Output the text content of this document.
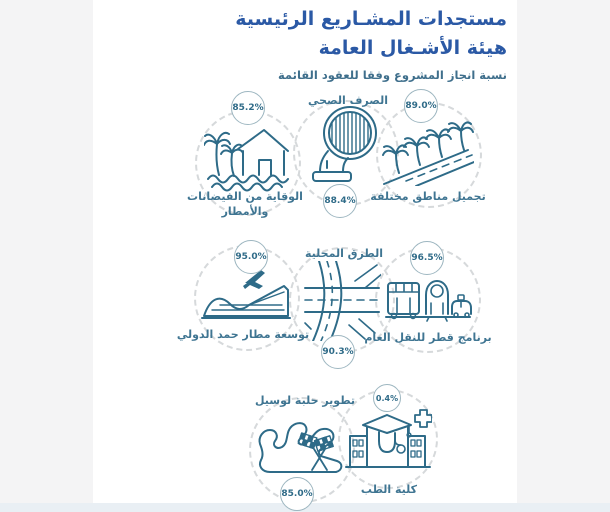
مستجدات المشـاريع الرئيسية
هيئة الأشـغال العامة
نسبة انجاز المشروع وفقا للعقود القائمة
85.2%
88.4%
89.0%
95.0%
90.3%
96.5%
85.0%
0.4%
الوقاية من الفيضانات والأمطار
الصرف الصحي
تجميل مناطق مختلفة
توسعة مطار حمد الدولي
الطرق المحلية
برنامج قطر للنقل العام
تطوير حلبة لوسيل
كلية الطب
